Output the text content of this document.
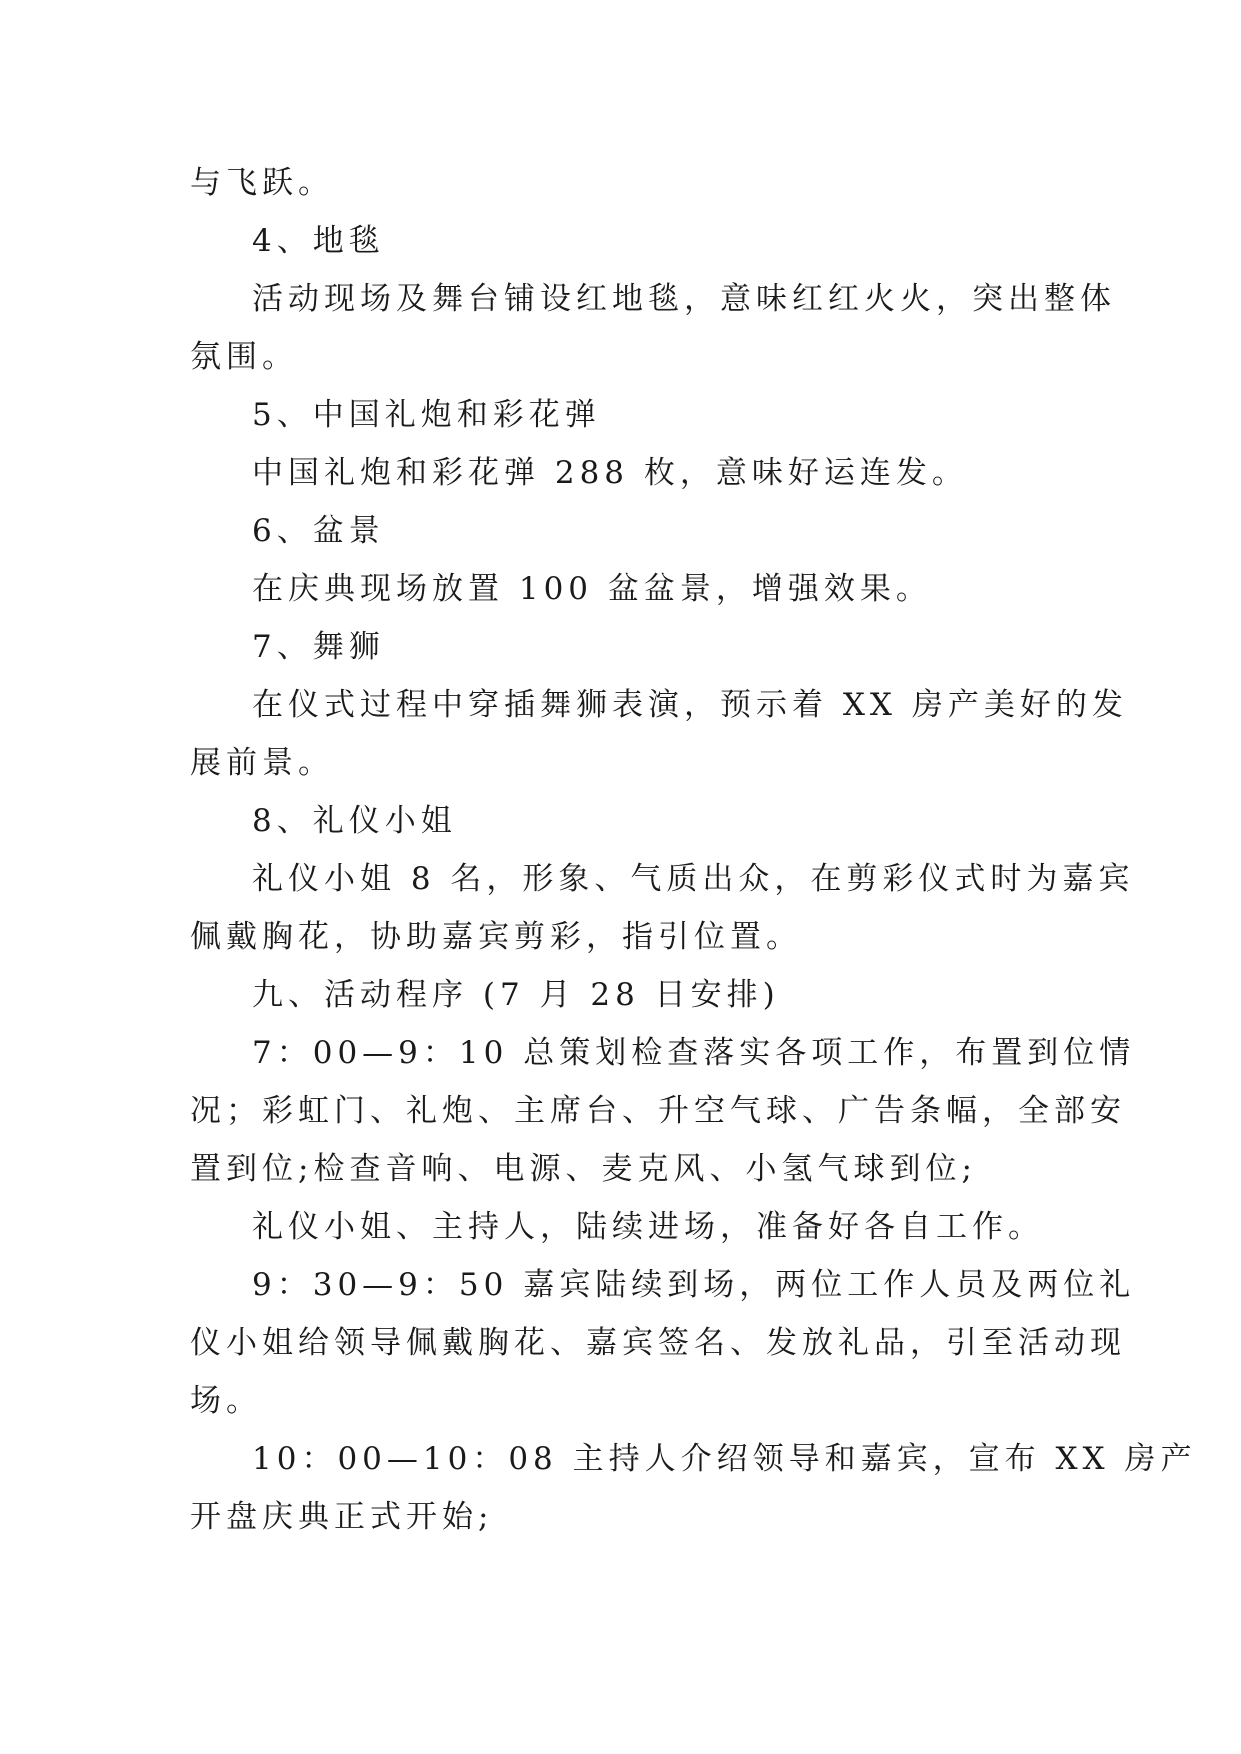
与飞跃。
4、地毯
活动现场及舞台铺设红地毯，意味红红火火，突出整体
氛围。
5、中国礼炮和彩花弹
中国礼炮和彩花弹 288 枚，意味好运连发。
6、盆景
在庆典现场放置 100 盆盆景，增强效果。
7、舞狮
在仪式过程中穿插舞狮表演，预示着 XX 房产美好的发
展前景。
8、礼仪小姐
礼仪小姐 8 名，形象、气质出众，在剪彩仪式时为嘉宾
佩戴胸花，协助嘉宾剪彩，指引位置。
九、活动程序 (7 月 28 日安排)
7：00—9：10 总策划检查落实各项工作，布置到位情
况；彩虹门、礼炮、主席台、升空气球、广告条幅，全部安
置到位;检查音响、电源、麦克风、小氢气球到位;
礼仪小姐、主持人，陆续进场，准备好各自工作。
9：30—9：50 嘉宾陆续到场，两位工作人员及两位礼
仪小姐给领导佩戴胸花、嘉宾签名、发放礼品，引至活动现
场。
10：00—10：08 主持人介绍领导和嘉宾，宣布 XX 房产
开盘庆典正式开始;
